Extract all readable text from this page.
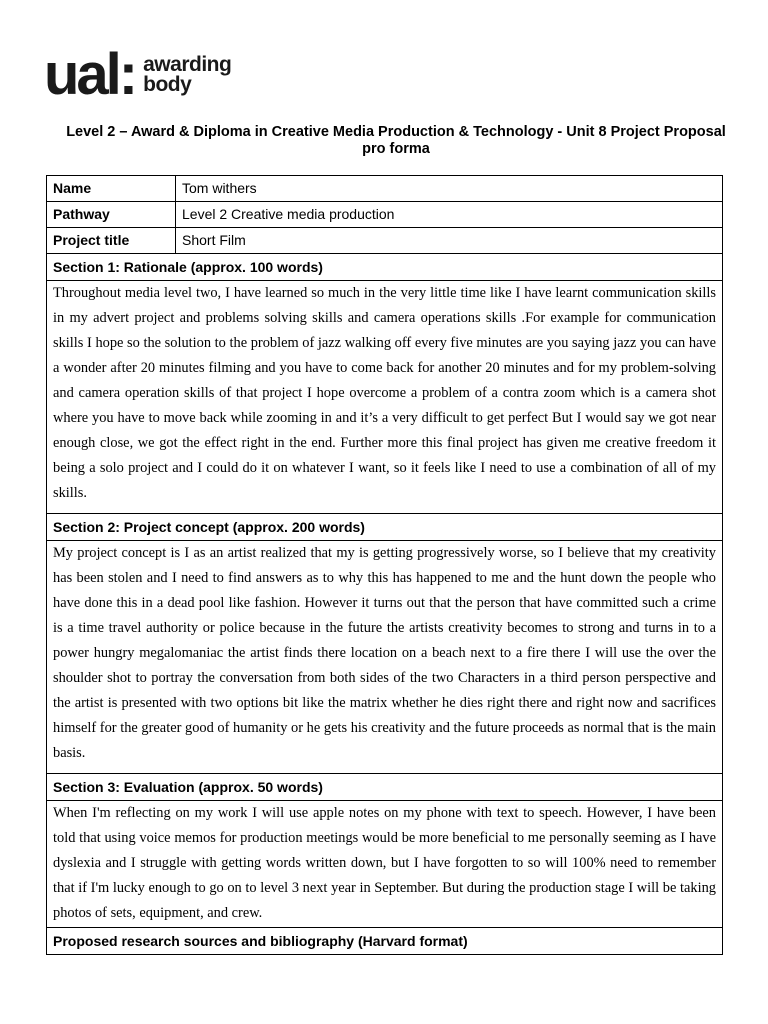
ual: awarding
body
Level 2 – Award & Diploma in Creative Media Production & Technology - Unit 8 Project Proposal pro forma
Name	Tom withers
Pathway	Level 2 Creative media production
Project title	Short Film
Section 1: Rationale (approx. 100 words)	
Throughout media level two, I have learned so much in the very little time like I have learnt communication skills in my advert project and problems solving skills and camera operations skills .For example for communication skills I hope so the solution to the problem of jazz walking off every five minutes are you saying jazz you can have a wonder after 20 minutes filming and you have to come back for another 20 minutes and for my problem-solving and camera operation skills of that project I hope overcome a problem of a contra zoom which is a camera shot where you have to move back while zooming in and it’s a very difficult to get perfect But I would say we got near enough close, we got the effect right in the end. Further more this final project has given me creative freedom it being a solo project and I could do it on whatever I want, so it feels like I need to use a combination of all of my skills.	
Section 2: Project concept (approx. 200 words)	
My project concept is I as an artist realized that my is getting progressively worse, so I believe that my creativity has been stolen and I need to find answers as to why this has happened to me and the hunt down the people who have done this in a dead pool like fashion. However it turns out that the person that have committed such a crime is a time travel authority or police because in the future the artists creativity becomes to strong and turns in to a power hungry megalomaniac the artist finds there location on a beach next to a fire there I will use the over the shoulder shot to portray the conversation from both sides of the two Characters in a third person perspective and the artist is presented with two options bit like the matrix whether he dies right there and right now and sacrifices himself for the greater good of humanity or he gets his creativity and the future proceeds as normal that is the main basis.	
Section 3: Evaluation (approx. 50 words)	
When I'm reflecting on my work I will use apple notes on my phone with text to speech. However, I have been told that using voice memos for production meetings would be more beneficial to me personally seeming as I have dyslexia and I struggle with getting words written down, but I have forgotten to so will 100% need to remember that if I'm lucky enough to go on to level 3 next year in September. But during the production stage I will be taking photos of sets, equipment, and crew.	
Proposed research sources and bibliography (Harvard format)	
